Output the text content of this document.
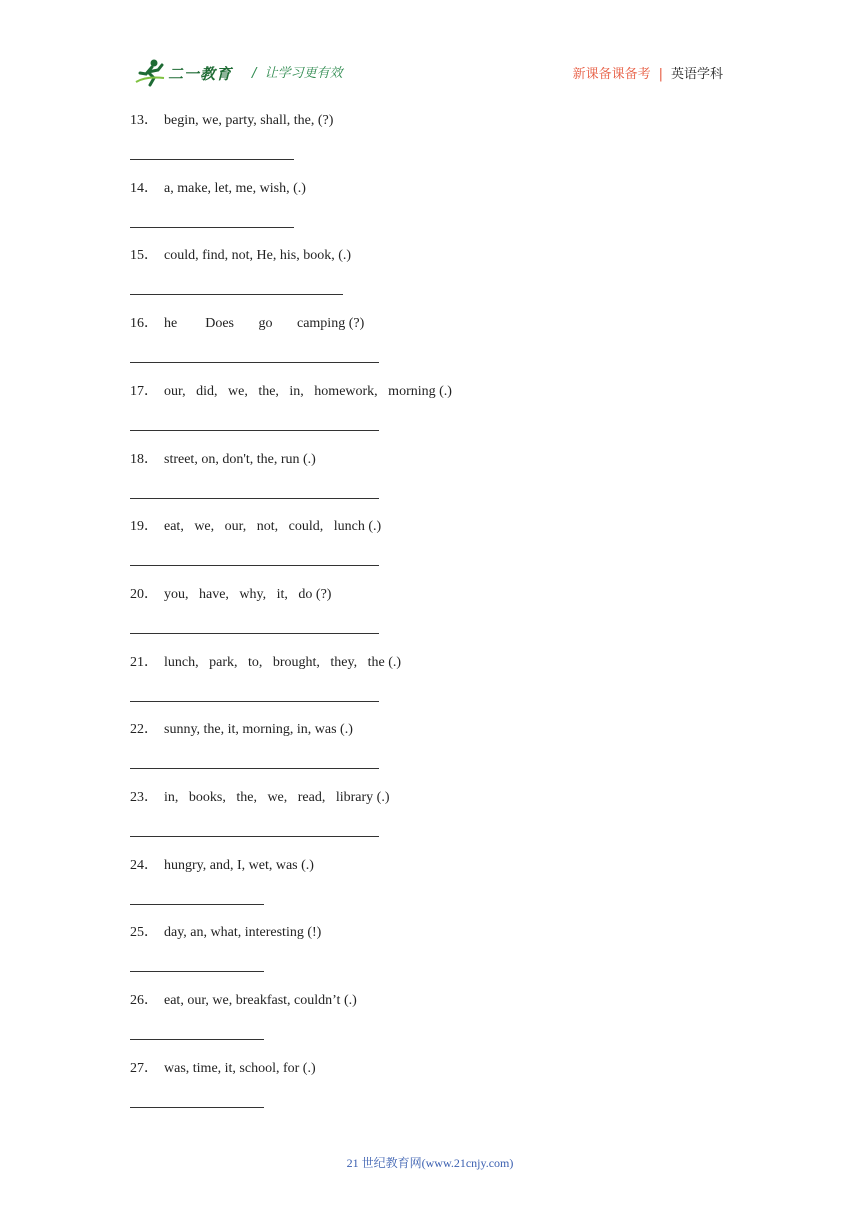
二一教育 /  让学习更有效	新课备课备考 | 英语学科
13． begin, we, party, shall, the, (?)
14． a, make, let, me, wish, (.)
15． could, find, not, He, his, book, (.)
16． he        Does       go       camping (?)
17． our,   did,   we,   the,   in,   homework,   morning (.)
18． street, on, don't, the, run (.)
19． eat,   we,   our,   not,   could,   lunch (.)
20． you,   have,   why,   it,   do (?)
21． lunch,   park,   to,   brought,   they,   the (.)
22． sunny, the, it, morning, in, was (.)
23． in,   books,   the,   we,   read,   library (.)
24． hungry, and, I, wet, was (.)
25． day, an, what, interesting (!)
26． eat, our, we, breakfast, couldn’t (.)
27． was, time, it, school, for (.)
21 世纪教育网(www.21cnjy.com)
